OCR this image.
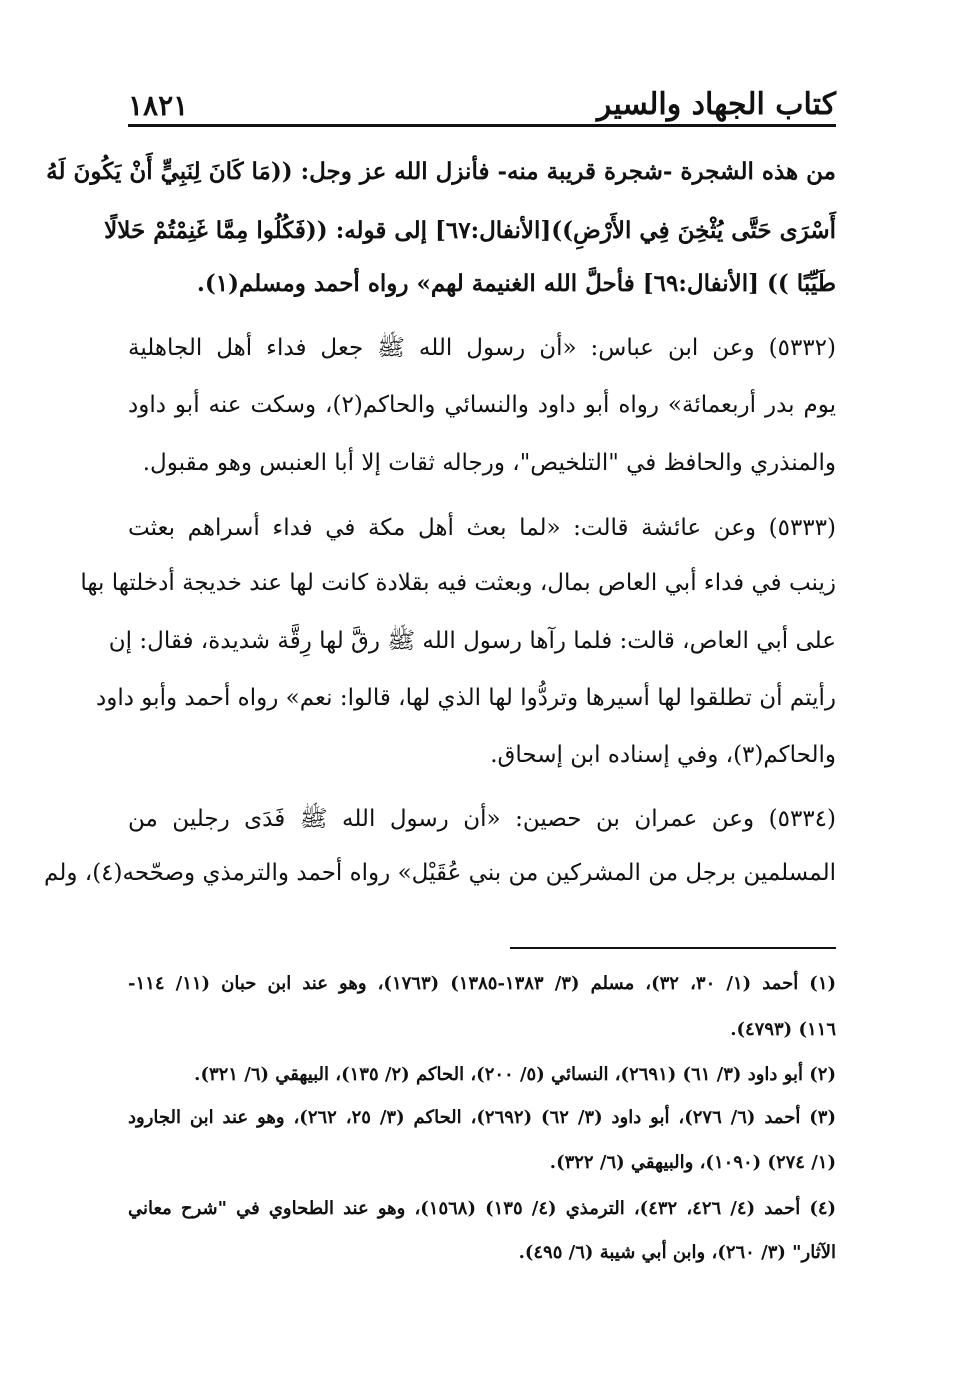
كتاب الجهاد والسير
١٨٢١
من هذه الشجرة -شجرة قريبة منه- فأنزل الله عز وجل: ((مَا كَانَ لِنَبِيٍّ أَنْ يَكُونَ لَهُ
أَسْرَى حَتَّى يُثْخِنَ فِي الأَرْضِ))[الأنفال:٦٧] إلى قوله: ((فَكُلُوا مِمَّا غَنِمْتُمْ حَلالًا
طَيِّبًا )) [الأنفال:٦٩] فأحلَّ الله الغنيمة لهم» رواه أحمد ومسلم(١).
(٥٣٣٢) وعن ابن عباس: «أن رسول الله ﷺ جعل فداء أهل الجاهلية
يوم بدر أربعمائة» رواه أبو داود والنسائي والحاكم(٢)، وسكت عنه أبو داود
والمنذري والحافظ في "التلخيص"، ورجاله ثقات إلا أبا العنبس وهو مقبول.
(٥٣٣٣) وعن عائشة قالت: «لما بعث أهل مكة في فداء أسراهم بعثت
زينب في فداء أبي العاص بمال، وبعثت فيه بقلادة كانت لها عند خديجة أدخلتها بها
على أبي العاص، قالت: فلما رآها رسول الله ﷺ رقَّ لها رِقَّة شديدة، فقال: إن
رأيتم أن تطلقوا لها أسيرها وتردُّوا لها الذي لها، قالوا: نعم» رواه أحمد وأبو داود
والحاكم(٣)، وفي إسناده ابن إسحاق.
(٥٣٣٤) وعن عمران بن حصين: «أن رسول الله ﷺ فَدَى رجلين من
المسلمين برجل من المشركين من بني عُقَيْل» رواه أحمد والترمذي وصحّحه(٤)، ولم
(١) أحمد (١/ ٣٠، ٣٢)، مسلم (٣/ ١٣٨٣-١٣٨٥) (١٧٦٣)، وهو عند ابن حبان (١١/ ١١٤-
١١٦) (٤٧٩٣).
(٢) أبو داود (٣/ ٦١) (٢٦٩١)، النسائي (٥/ ٢٠٠)، الحاكم (٢/ ١٣٥)، البيهقي (٦/ ٣٢١).
(٣) أحمد (٦/ ٢٧٦)، أبو داود (٣/ ٦٢) (٢٦٩٢)، الحاكم (٣/ ٢٥، ٢٦٢)، وهو عند ابن الجارود
(١/ ٢٧٤) (١٠٩٠)، والبيهقي (٦/ ٣٢٢).
(٤) أحمد (٤/ ٤٢٦، ٤٣٢)، الترمذي (٤/ ١٣٥) (١٥٦٨)، وهو عند الطحاوي في "شرح معاني
الآثار" (٣/ ٢٦٠)، وابن أبي شيبة (٦/ ٤٩٥).
